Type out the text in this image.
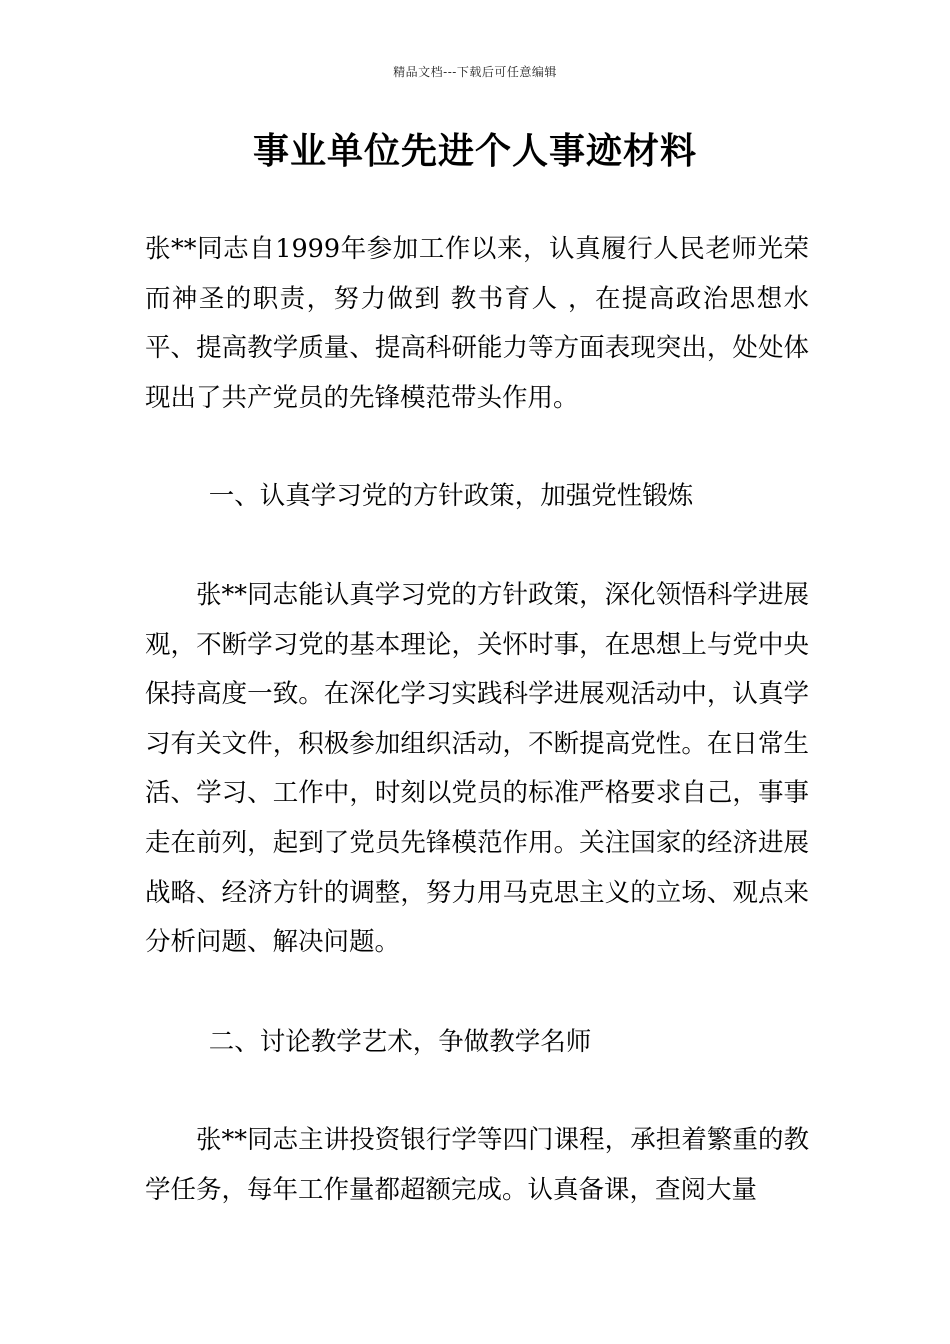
精品文档---下载后可任意编辑
事业单位先进个人事迹材料

张**同志自1999年参加工作以来，认真履行人民老师光荣而神圣的职责，努力做到 教书育人 ，在提高政治思想水平、提高教学质量、提高科研能力等方面表现突出，处处体现出了共产党员的先锋模范带头作用。

一、认真学习党的方针政策，加强党性锻炼

张**同志能认真学习党的方针政策，深化领悟科学进展观，不断学习党的基本理论，关怀时事，在思想上与党中央保持高度一致。在深化学习实践科学进展观活动中，认真学习有关文件，积极参加组织活动，不断提高党性。在日常生活、学习、工作中，时刻以党员的标准严格要求自己，事事走在前列，起到了党员先锋模范作用。关注国家的经济进展战略、经济方针的调整，努力用马克思主义的立场、观点来分析问题、解决问题。

二、讨论教学艺术，争做教学名师

张**同志主讲投资银行学等四门课程，承担着繁重的教学任务，每年工作量都超额完成。认真备课，查阅大量
